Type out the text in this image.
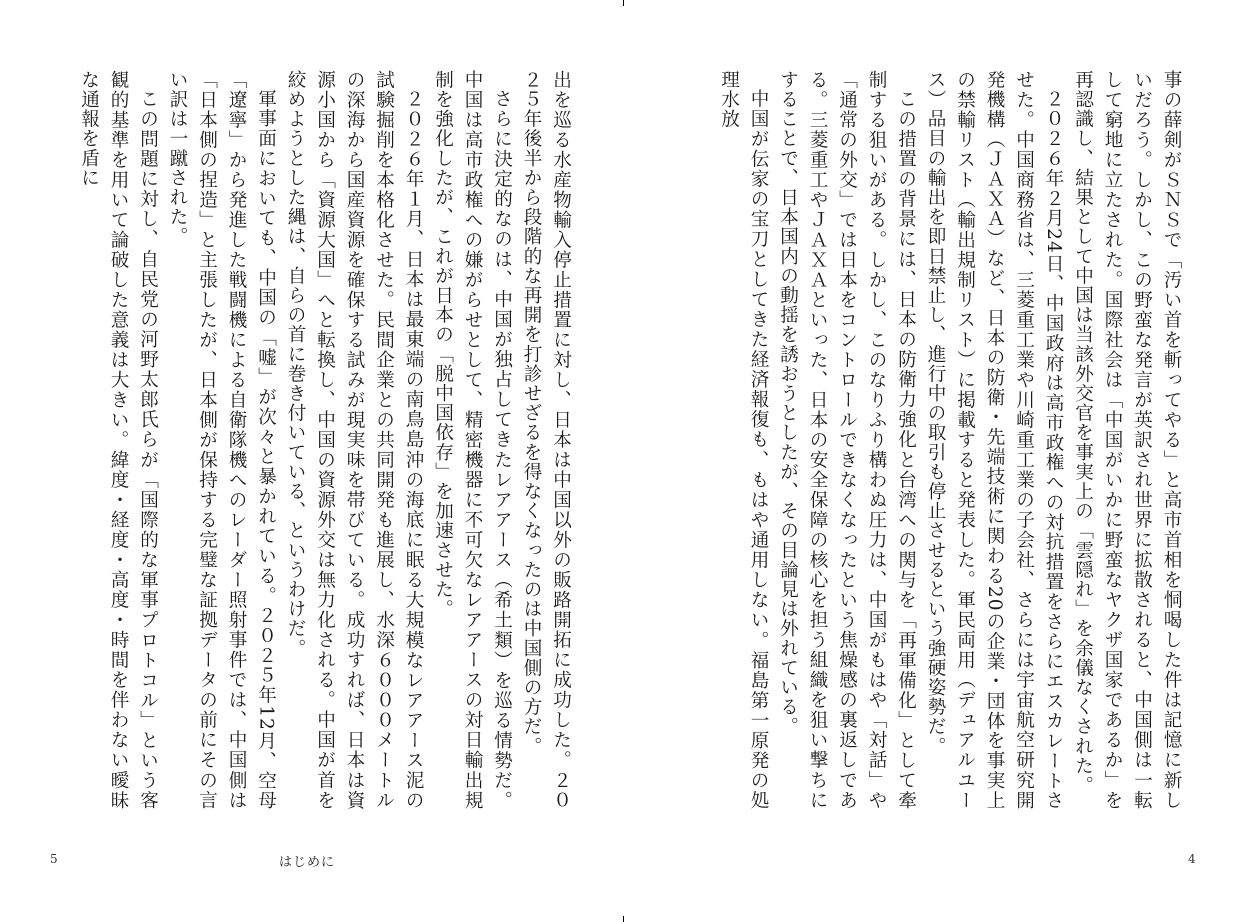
事の薛剣がＳＮＳで「汚い首を斬ってやる」と高市首相を恫喝した件は記憶に新しいだろう。しかし、この野蛮な発言が英訳され世界に拡散されると、中国側は一転して窮地に立たされた。国際社会は「中国がいかに野蛮なヤクザ国家であるか」を再認識し、結果として中国は当該外交官を事実上の「雲隠れ」を余儀なくされた。

２０２６年２月24日、中国政府は高市政権への対抗措置をさらにエスカレートさせた。中国商務省は、三菱重工業や川崎重工業の子会社、さらには宇宙航空研究開発機構（ＪＡＸＡ）など、日本の防衛・先端技術に関わる20の企業・団体を事実上の禁輸リスト（輸出規制リスト）に掲載すると発表した。軍民両用（デュアルユース）品目の輸出を即日禁止し、進行中の取引も停止させるという強硬姿勢だ。

この措置の背景には、日本の防衛力強化と台湾への関与を「再軍備化」として牽制する狙いがある。しかし、このなりふり構わぬ圧力は、中国がもはや「対話」や「通常の外交」では日本をコントロールできなくなったという焦燥感の裏返しである。三菱重工やＪＡＸＡといった、日本の安全保障の核心を担う組織を狙い撃ちにすることで、日本国内の動揺を誘おうとしたが、その目論見は外れている。

中国が伝家の宝刀としてきた経済報復も、もはや通用しない。福島第一原発の処理水放

出を巡る水産物輸入停止措置に対し、日本は中国以外の販路開拓に成功した。２０２５年後半から段階的な再開を打診せざるを得なくなったのは中国側の方だ。

さらに決定的なのは、中国が独占してきたレアアース（希土類）を巡る情勢だ。中国は高市政権への嫌がらせとして、精密機器に不可欠なレアアースの対日輸出規制を強化したが、これが日本の「脱中国依存」を加速させた。

２０２６年１月、日本は最東端の南鳥島沖の海底に眠る大規模なレアアース泥の試験掘削を本格化させた。民間企業との共同開発も進展し、水深６０００メートルの深海から国産資源を確保する試みが現実味を帯びている。成功すれば、日本は資源小国から「資源大国」へと転換し、中国の資源外交は無力化される。中国が首を絞めようとした縄は、自らの首に巻き付いている、というわけだ。

軍事面においても、中国の「嘘」が次々と暴かれている。２０２５年12月、空母「遼寧」から発進した戦闘機による自衛隊機へのレーダー照射事件では、中国側は「日本側の捏造」と主張したが、日本側が保持する完璧な証拠データの前にその言い訳は一蹴された。

この問題に対し、自民党の河野太郎氏らが「国際的な軍事プロトコル」という客観的基準を用いて論破した意義は大きい。緯度・経度・高度・時間を伴わない曖昧な通報を盾に

5	はじめに	4
